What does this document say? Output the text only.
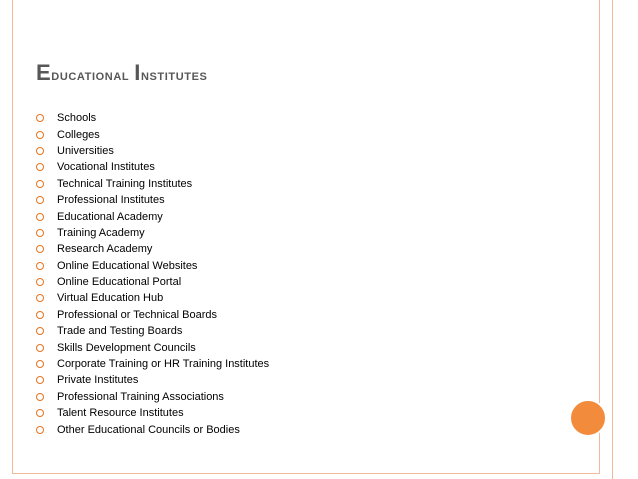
Educational Institutes
Schools
Colleges
Universities
Vocational Institutes
Technical Training Institutes
Professional Institutes
Educational Academy
Training Academy
Research Academy
Online Educational Websites
Online Educational Portal
Virtual Education Hub
Professional or Technical Boards
Trade and Testing Boards
Skills Development Councils
Corporate Training or HR Training Institutes
Private Institutes
Professional Training Associations
Talent Resource Institutes
Other Educational Councils or Bodies
